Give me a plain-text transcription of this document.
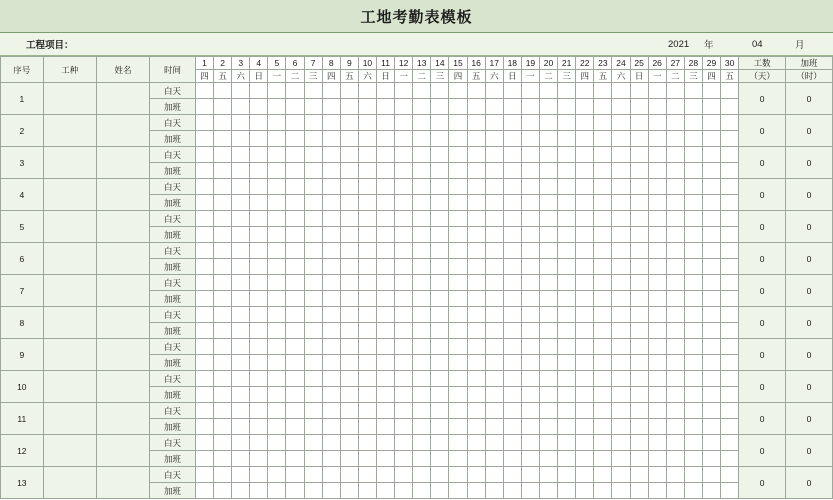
工地考勤表模板
工程项目：	2021 年	04	月
序号	工种	姓名	时间	1	2	3	4	5	6	7	8	9	10	11	12	13	14	15	16	17	18	19	20	21	22	23	24	25	26	27	28	29	30	工数	加班
				四	五	六	日	一	二	三	四	五	六	日	一	二	三	四	五	六	日	一	二	三	四	五	六	日	一	二	三	四	五	（天）	（时）
1			白天																															0	0
			加班																																
2			白天																															0	0
			加班																																
3			白天																															0	0
			加班																																
4			白天																															0	0
			加班																																
5			白天																															0	0
			加班																																
6			白天																															0	0
			加班																																
7			白天																															0	0
			加班																																
8			白天																															0	0
			加班																																
9			白天																															0	0
			加班																																
10			白天																															0	0
			加班																																
11			白天																															0	0
			加班																																
12			白天																															0	0
			加班																																
13			白天																															0	0
			加班																																
